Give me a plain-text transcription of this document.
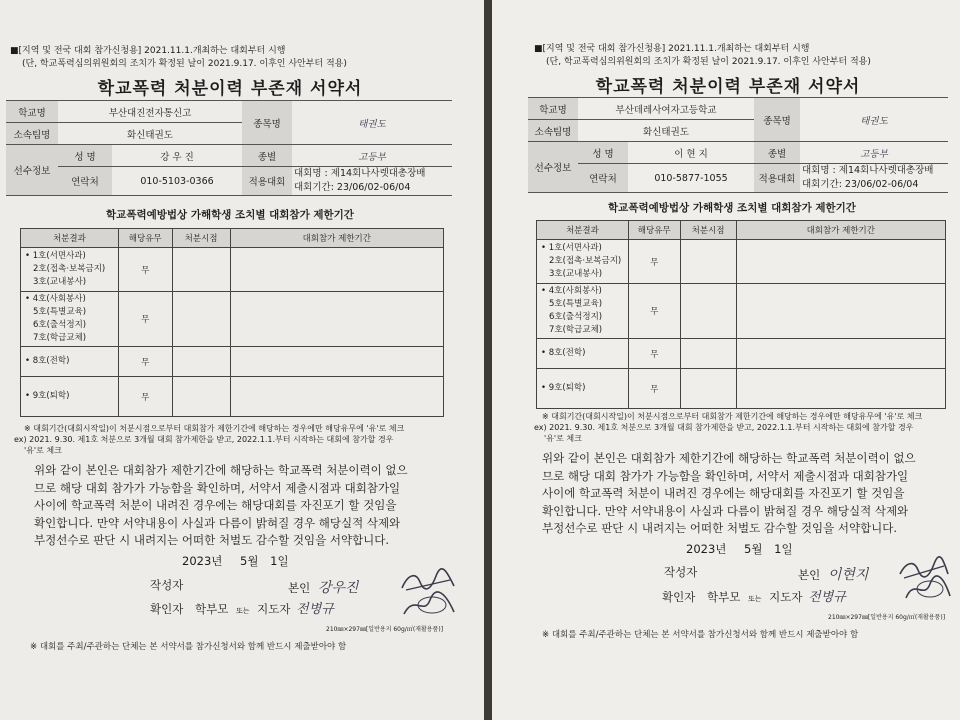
■[지역 및 전국 대회 참가신청용] 2021.11.1.개최하는 대회부터 시행
(단, 학교폭력심의위원회의 조치가 확정된 날이 2021.9.17. 이후인 사안부터 적용)
학교폭력 처분이력 부존재 서약서
학교명	부산대진전자통신고		종목명	태권도
소속팀명	화신태권도			
선수정보	성 명	강 우 진	종별	고등부
	연락처	010-5103-0366	적용대회	대회명 : 제14회나사렛대총장배
대회기간: 23/06/02-06/04
학교폭력예방법상 가해학생 조치별 대회참가 제한기간
처분결과	해당유무	처분시점	대회참가 제한기간

• 1호(서면사과)
2호(접촉·보복금지)
3호(교내봉사)	무		

• 4호(사회봉사)
5호(특별교육)
6호(출석정지)
7호(학급교체)	무		

• 8호(전학)	무		

• 9호(퇴학)	무		
※ 대회기간(대회시작일)이 처분시점으로부터 대회참가 제한기간에 해당하는 경우에만 해당유무에 '유'로 체크
ex) 2021. 9.30. 제1호 처분으로 3개월 대회 참가제한을 받고, 2022.1.1.부터 시작하는 대회에 참가할 경우
'유'로 체크
위와 같이 본인은 대회참가 제한기간에 해당하는 학교폭력 처분이력이 없으
므로 해당 대회 참가가 가능함을 확인하며, 서약서 제출시점과 대회참가일
사이에 학교폭력 처분이 내려진 경우에는 해당대회를 자진포기 할 것임을
확인합니다. 만약 서약내용이 사실과 다름이 밝혀질 경우 해당실적 삭제와
부정선수로 판단 시 내려지는 어떠한 처벌도 감수할 것임을 서약합니다.
2023년 5월 1일
작성자	본인 강우진
확인자 학부모 또는 지도자 전병규
210㎜×297㎜[일반용지 60g/㎡(재활용품)]
※ 대회를 주최/주관하는 단체는 본 서약서를 참가신청서와 함께 반드시 제출받아야 함
■[지역 및 전국 대회 참가신청용] 2021.11.1.개최하는 대회부터 시행
(단, 학교폭력심의위원회의 조치가 확정된 날이 2021.9.17. 이후인 사안부터 적용)
학교폭력 처분이력 부존재 서약서
학교명	부산데레사여자고등학교		종목명	태권도
소속팀명	화신태권도			
선수정보	성 명	이 현 지	종별	고등부
	연락처	010-5877-1055	적용대회	대회명 : 제14회나사렛대총장배
대회기간: 23/06/02-06/04
학교폭력예방법상 가해학생 조치별 대회참가 제한기간
처분결과	해당유무	처분시점	대회참가 제한기간

• 1호(서면사과)
2호(접촉·보복금지)
3호(교내봉사)	무		

• 4호(사회봉사)
5호(특별교육)
6호(출석정지)
7호(학급교체)	무		

• 8호(전학)	무		

• 9호(퇴학)	무		
※ 대회기간(대회시작일)이 처분시점으로부터 대회참가 제한기간에 해당하는 경우에만 해당유무에 '유'로 체크
ex) 2021. 9.30. 제1호 처분으로 3개월 대회 참가제한을 받고, 2022.1.1.부터 시작하는 대회에 참가할 경우
'유'로 체크
위와 같이 본인은 대회참가 제한기간에 해당하는 학교폭력 처분이력이 없으
므로 해당 대회 참가가 가능함을 확인하며, 서약서 제출시점과 대회참가일
사이에 학교폭력 처분이 내려진 경우에는 해당대회를 자진포기 할 것임을
확인합니다. 만약 서약내용이 사실과 다름이 밝혀질 경우 해당실적 삭제와
부정선수로 판단 시 내려지는 어떠한 처벌도 감수할 것임을 서약합니다.
2023년 5월 1일
작성자	본인 이현지
확인자 학부모 또는 지도자 전병규
210㎜×297㎜[일반용지 60g/㎡(재활용품)]
※ 대회를 주최/주관하는 단체는 본 서약서를 참가신청서와 함께 반드시 제출받아야 함
